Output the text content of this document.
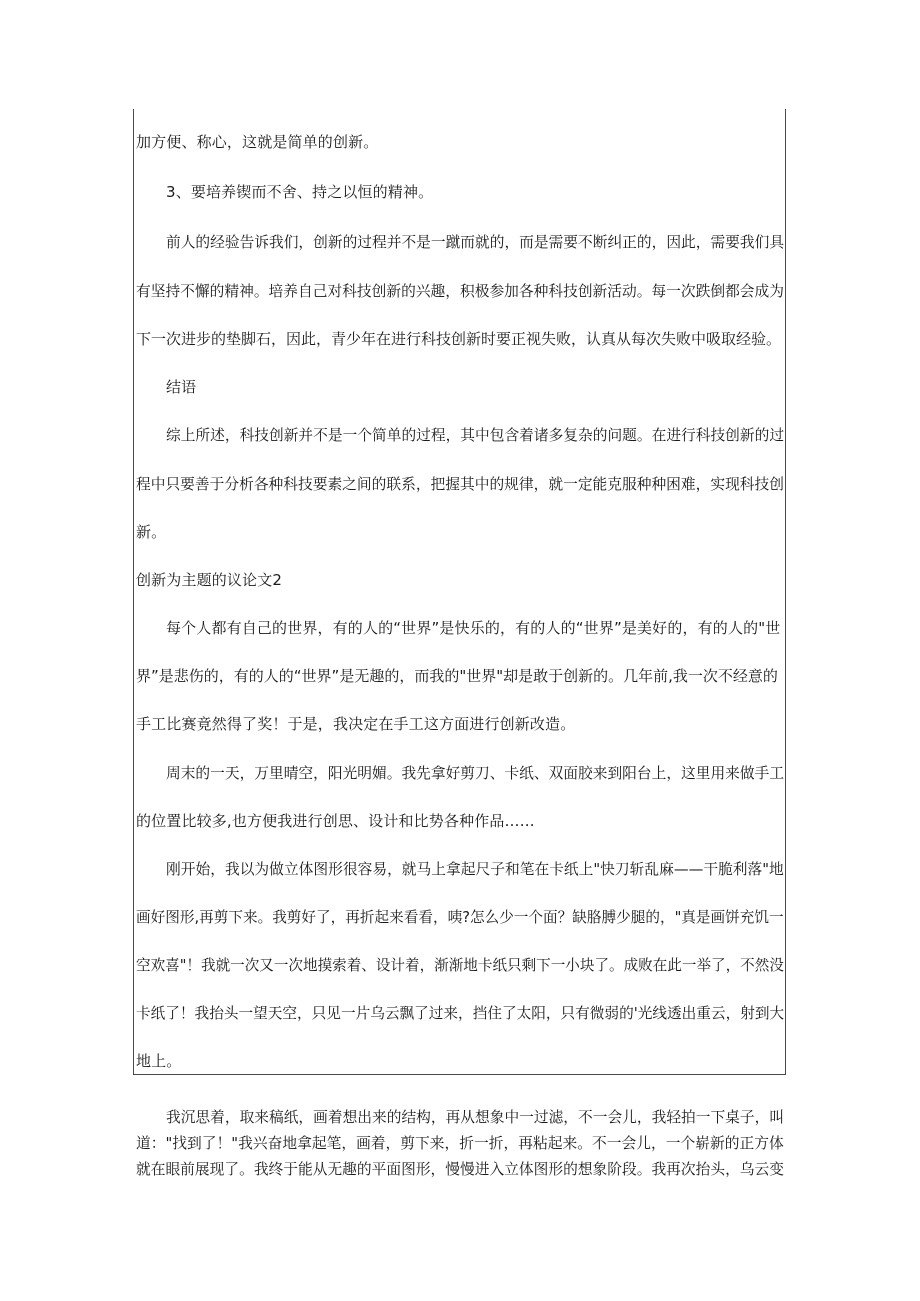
加方便、称心，这就是简单的创新。
3、要培养锲而不舍、持之以恒的精神。
前人的经验告诉我们，创新的过程并不是一蹴而就的，而是需要不断纠正的，因此，需要我们具
有坚持不懈的精神。培养自己对科技创新的兴趣，积极参加各种科技创新活动。每一次跌倒都会成为
下一次进步的垫脚石，因此，青少年在进行科技创新时要正视失败，认真从每次失败中吸取经验。
结语
综上所述，科技创新并不是一个简单的过程，其中包含着诸多复杂的问题。在进行科技创新的过
程中只要善于分析各种科技要素之间的联系，把握其中的规律，就一定能克服种种困难，实现科技创
新。
创新为主题的议论文2
每个人都有自己的世界，有的人的“世界”是快乐的，有的人的“世界”是美好的，有的人的"世
界”是悲伤的，有的人的“世界”是无趣的，而我的"世界"却是敢于创新的。几年前,我一次不经意的
手工比赛竟然得了奖！于是，我决定在手工这方面进行创新改造。
周末的一天，万里晴空，阳光明媚。我先拿好剪刀、卡纸、双面胶来到阳台上，这里用来做手工
的位置比较多,也方便我进行创思、设计和比势各种作品……
刚开始，我以为做立体图形很容易，就马上拿起尺子和笔在卡纸上"快刀斩乱麻——干脆利落"地
画好图形,再剪下来。我剪好了，再折起来看看，咦?怎么少一个面？缺胳膊少腿的，"真是画饼充饥一
空欢喜"！我就一次又一次地摸索着、设计着，渐渐地卡纸只剩下一小块了。成败在此一举了，不然没
卡纸了！我抬头一望天空，只见一片乌云飘了过来，挡住了太阳，只有微弱的'光线透出重云，射到大
地上。
我沉思着，取来稿纸，画着想出来的结构，再从想象中一过滤，不一会儿，我轻拍一下桌子，叫
道："找到了！"我兴奋地拿起笔，画着，剪下来，折一折，再粘起来。不一会儿，一个崭新的正方体
就在眼前展现了。我终于能从无趣的平面图形，慢慢进入立体图形的想象阶段。我再次抬头，乌云变
